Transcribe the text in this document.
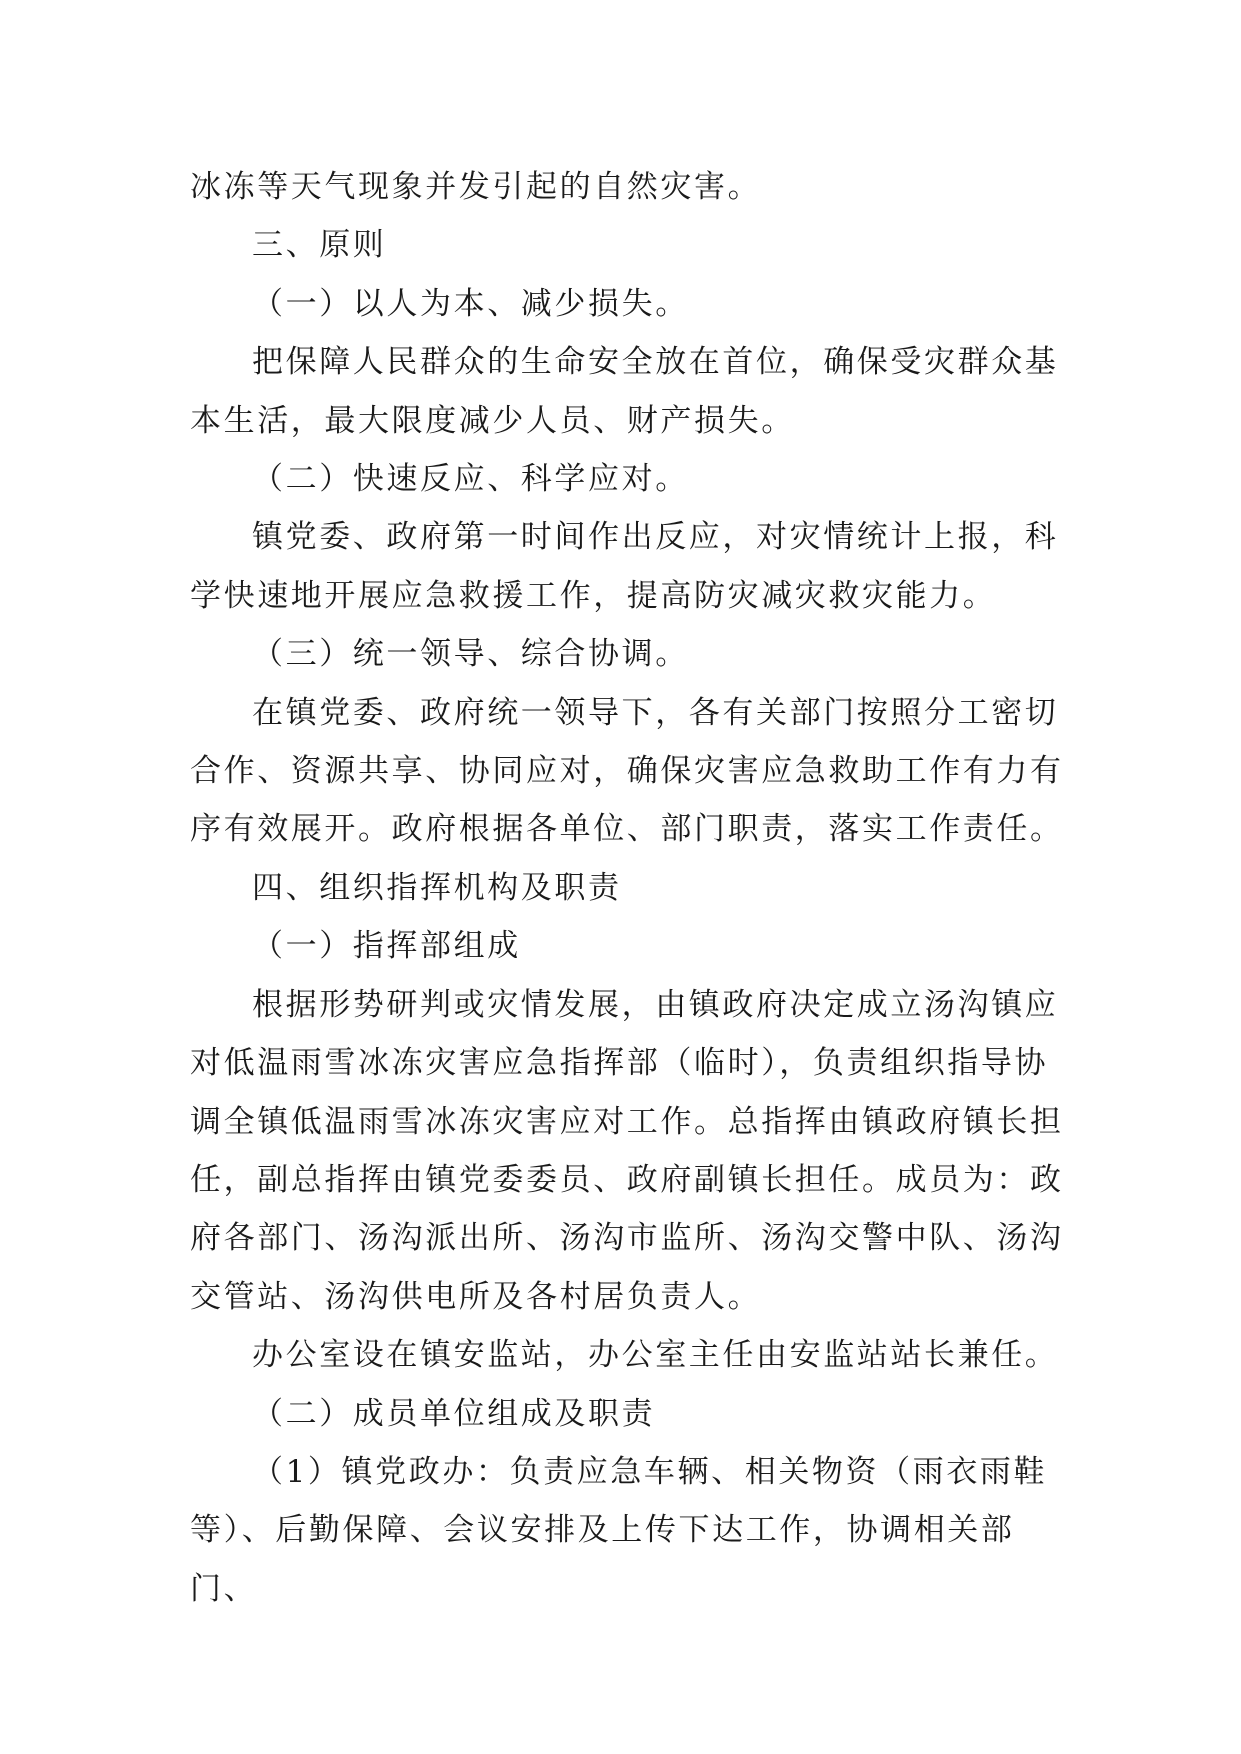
冰冻等天气现象并发引起的自然灾害。

三、原则

（一）以人为本、减少损失。

把保障人民群众的生命安全放在首位，确保受灾群众基本生活，最大限度减少人员、财产损失。

（二）快速反应、科学应对。

镇党委、政府第一时间作出反应，对灾情统计上报，科学快速地开展应急救援工作，提高防灾减灾救灾能力。

（三）统一领导、综合协调。

在镇党委、政府统一领导下，各有关部门按照分工密切合作、资源共享、协同应对，确保灾害应急救助工作有力有序有效展开。政府根据各单位、部门职责，落实工作责任。

四、组织指挥机构及职责

（一）指挥部组成

根据形势研判或灾情发展，由镇政府决定成立汤沟镇应对低温雨雪冰冻灾害应急指挥部（临时），负责组织指导协调全镇低温雨雪冰冻灾害应对工作。总指挥由镇政府镇长担任，副总指挥由镇党委委员、政府副镇长担任。成员为：政府各部门、汤沟派出所、汤沟市监所、汤沟交警中队、汤沟交管站、汤沟供电所及各村居负责人。

办公室设在镇安监站，办公室主任由安监站站长兼任。

（二）成员单位组成及职责

（1）镇党政办：负责应急车辆、相关物资（雨衣雨鞋等）、后勤保障、会议安排及上传下达工作，协调相关部门、
